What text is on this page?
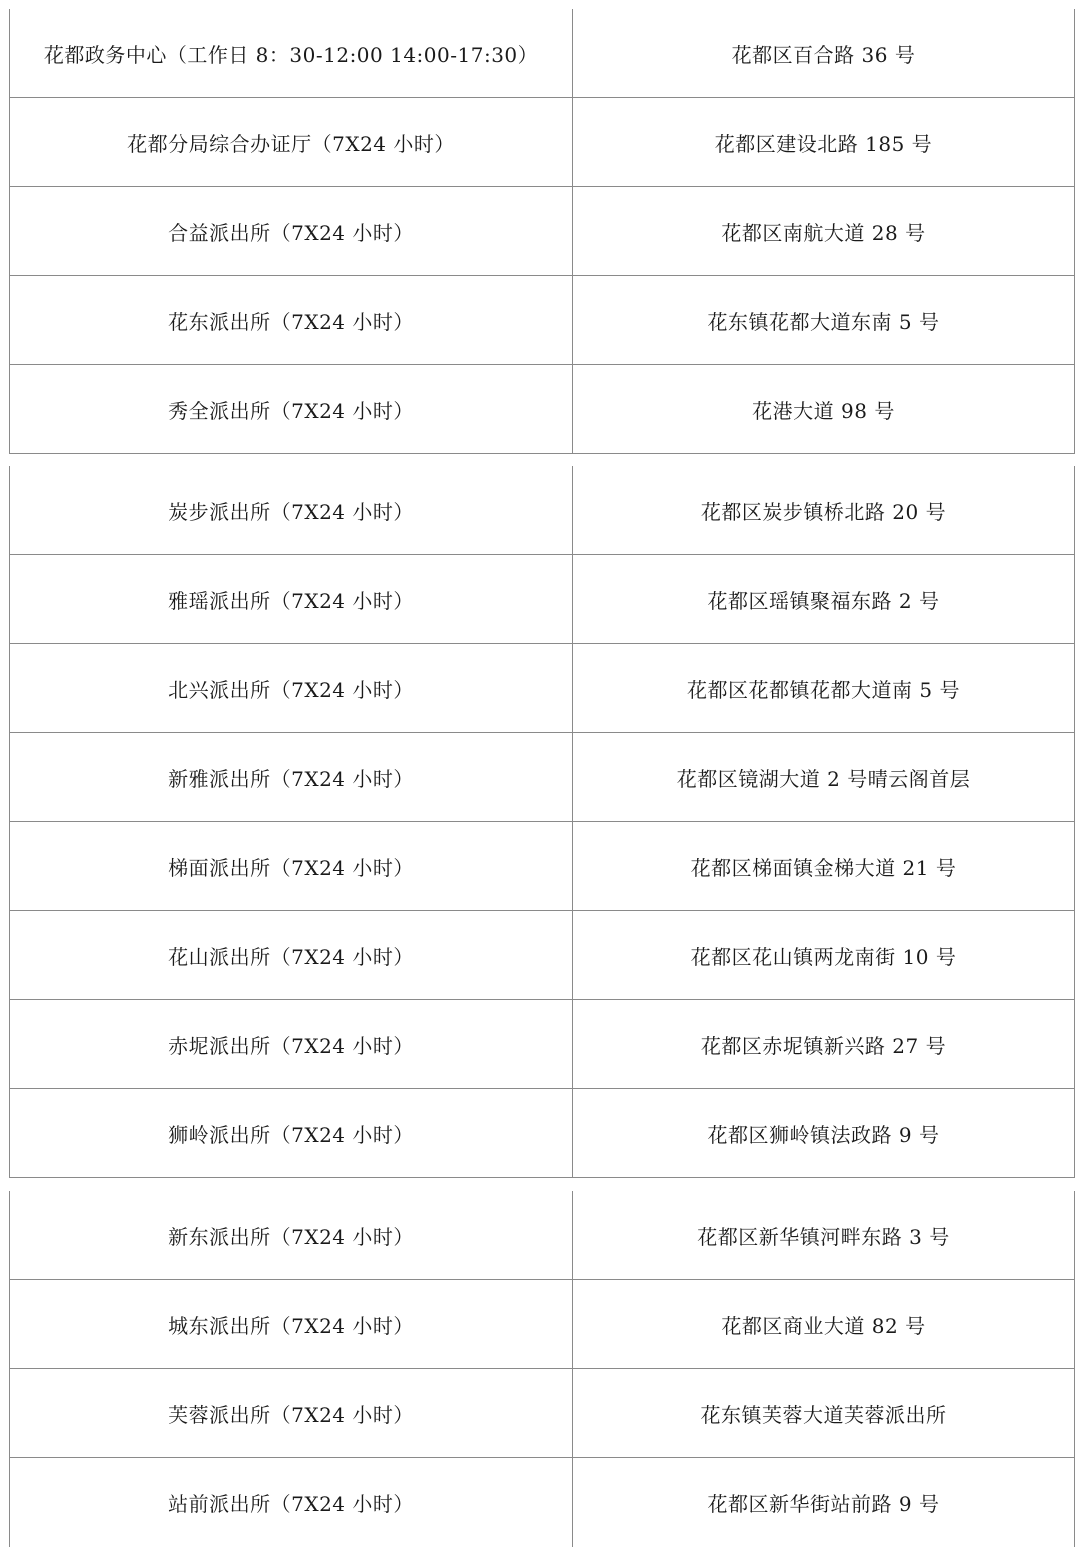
花都政务中心（工作日 8：30-12:00 14:00-17:30）	花都区百合路 36 号
花都分局综合办证厅（7X24 小时）	花都区建设北路 185 号
合益派出所（7X24 小时）	花都区南航大道 28 号
花东派出所（7X24 小时）	花东镇花都大道东南 5 号
秀全派出所（7X24 小时）	花港大道 98 号
炭步派出所（7X24 小时）	花都区炭步镇桥北路 20 号
雅瑶派出所（7X24 小时）	花都区瑶镇聚福东路 2 号
北兴派出所（7X24 小时）	花都区花都镇花都大道南 5 号
新雅派出所（7X24 小时）	花都区镜湖大道 2 号晴云阁首层
梯面派出所（7X24 小时）	花都区梯面镇金梯大道 21 号
花山派出所（7X24 小时）	花都区花山镇两龙南街 10 号
赤坭派出所（7X24 小时）	花都区赤坭镇新兴路 27 号
狮岭派出所（7X24 小时）	花都区狮岭镇法政路 9 号
新东派出所（7X24 小时）	花都区新华镇河畔东路 3 号
城东派出所（7X24 小时）	花都区商业大道 82 号
芙蓉派出所（7X24 小时）	花东镇芙蓉大道芙蓉派出所
站前派出所（7X24 小时）	花都区新华街站前路 9 号
